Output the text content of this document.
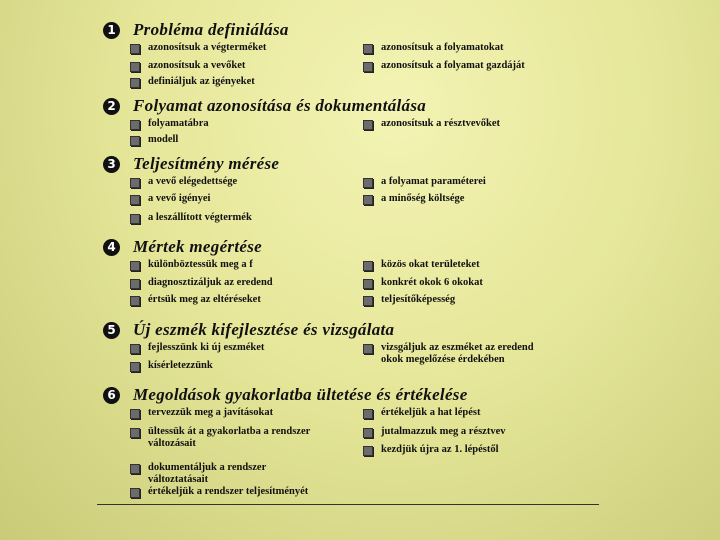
1 Probléma definiálása
azonosítsuk a végterméket
azonosítsuk a vevőket
definiáljuk az igényeket
azonosítsuk a folyamatokat
azonosítsuk a folyamat gazdáját
2 Folyamat azonosítása és dokumentálása
folyamatábra
modell
azonosítsuk a résztvevőket
3 Teljesítmény mérése
a vevő elégedettsége
a vevő igényei
a leszállított végtermék
a folyamat paraméterei
a minőség költsége
4 Mértek megértése
különböztessük meg a f
diagnosztizáljuk az eredend
értsük meg az eltéréseket
közös okat területeket
konkrét okok 6 okokat
teljesítőképesség
5 Új eszmék kifejlesztése és vizsgálata
fejlesszünk ki új eszméket
kísérletezzünk
vizsgáljuk az eszméket az eredend
okok megelőzése érdekében
6 Megoldások gyakorlatba ültetése és értékelése
tervezzük meg a javításokat
ültessük át a gyakorlatba a rendszer
változásait
dokumentáljuk a rendszer
változtatásait
értékeljük a rendszer teljesítményét
értékeljük a hat lépést
jutalmazzuk meg a résztvev
kezdjük újra az 1. lépéstől
